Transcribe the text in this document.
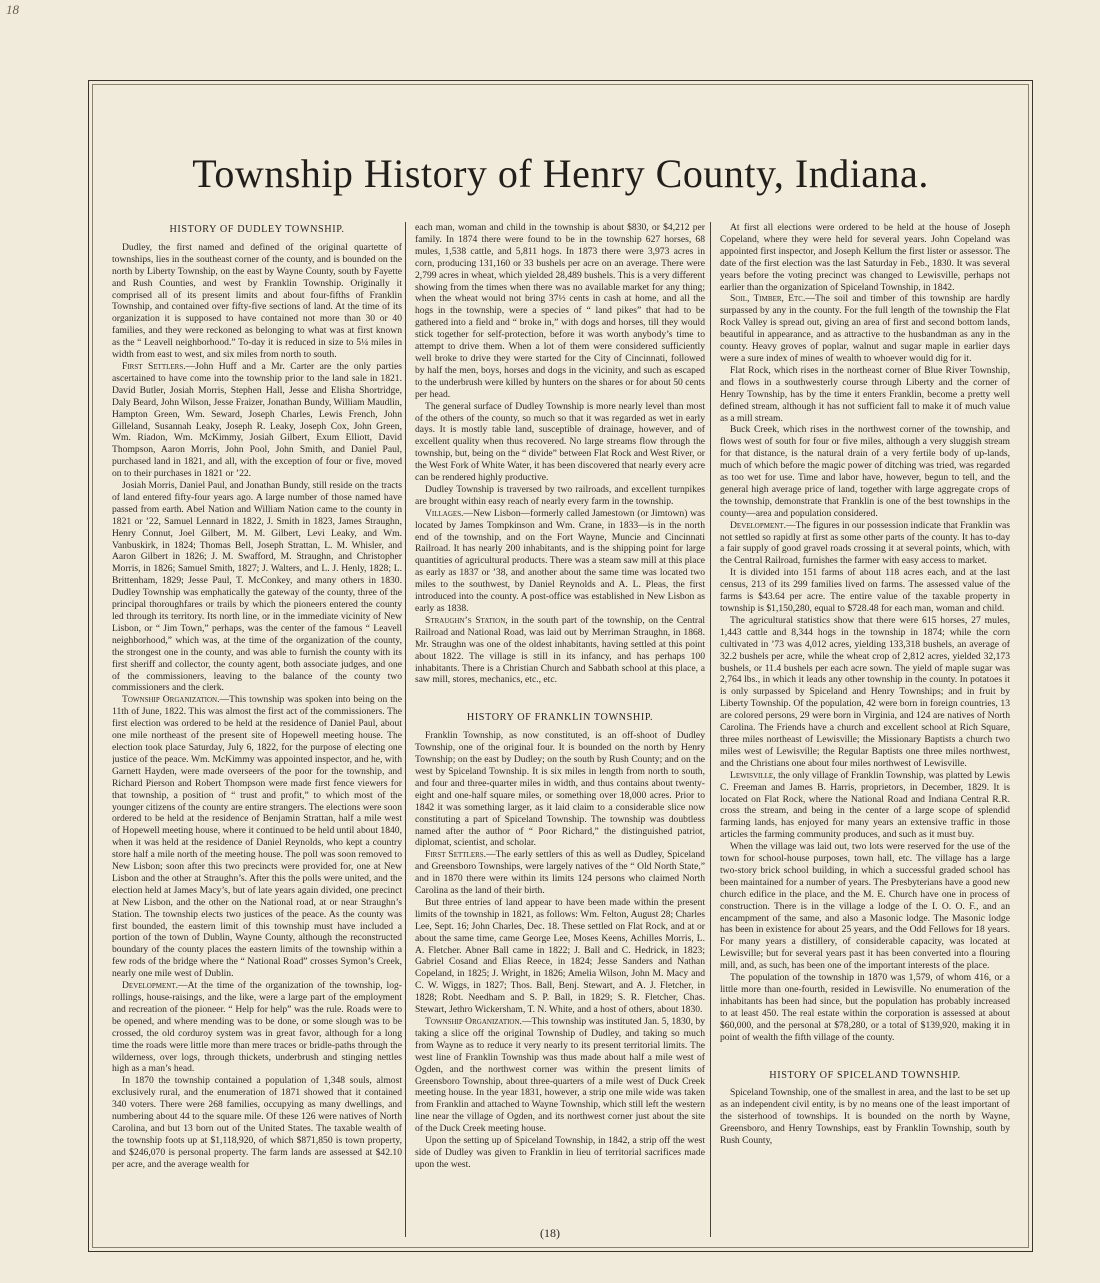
18
Township History of Henry County, Indiana.
HISTORY OF DUDLEY TOWNSHIP.

Dudley, the first named and defined of the original quartette of townships, lies in the southeast corner of the county, and is bounded on the north by Liberty Township, on the east by Wayne County, south by Fayette and Rush Counties, and west by Franklin Township. Originally it comprised all of its present limits and about four-fifths of Franklin Township, and contained over fifty-five sections of land. At the time of its organization it is supposed to have contained not more than 30 or 40 families, and they were reckoned as belonging to what was at first known as the “ Leavell neighborhood.” To-day it is reduced in size to 5¼ miles in width from east to west, and six miles from north to south.

First Settlers.—John Huff and a Mr. Carter are the only parties ascertained to have come into the township prior to the land sale in 1821. David Butler, Josiah Morris, Stephen Hall, Jesse and Elisha Shortridge, Daly Beard, John Wilson, Jesse Fraizer, Jonathan Bundy, William Maudlin, Hampton Green, Wm. Seward, Joseph Charles, Lewis French, John Gilleland, Susannah Leaky, Joseph R. Leaky, Joseph Cox, John Green, Wm. Riadon, Wm. McKimmy, Josiah Gilbert, Exum Elliott, David Thompson, Aaron Morris, John Pool, John Smith, and Daniel Paul, purchased land in 1821, and all, with the exception of four or five, moved on to their purchases in 1821 or ’22.

Josiah Morris, Daniel Paul, and Jonathan Bundy, still reside on the tracts of land entered fifty-four years ago. A large number of those named have passed from earth. Abel Nation and William Nation came to the county in 1821 or ’22, Samuel Lennard in 1822, J. Smith in 1823, James Straughn, Henry Connut, Joel Gilbert, M. M. Gilbert, Levi Leaky, and Wm. Vanbuskirk, in 1824; Thomas Bell, Joseph Strattan, L. M. Whisler, and Aaron Gilbert in 1826; J. M. Swafford, M. Straughn, and Christopher Morris, in 1826; Samuel Smith, 1827; J. Walters, and L. J. Henly, 1828; L. Brittenham, 1829; Jesse Paul, T. McConkey, and many others in 1830. Dudley Township was emphatically the gateway of the county, three of the principal thoroughfares or trails by which the pioneers entered the county led through its territory. Its north line, or in the immediate vicinity of New Lisbon, or “ Jim Town,” perhaps, was the center of the famous “ Leavell neighborhood,” which was, at the time of the organization of the county, the strongest one in the county, and was able to furnish the county with its first sheriff and collector, the county agent, both associate judges, and one of the commissioners, leaving to the balance of the county two commissioners and the clerk.

Township Organization.—This township was spoken into being on the 11th of June, 1822. This was almost the first act of the commissioners. The first election was ordered to be held at the residence of Daniel Paul, about one mile northeast of the present site of Hopewell meeting house. The election took place Saturday, July 6, 1822, for the purpose of electing one justice of the peace. Wm. McKimmy was appointed inspector, and he, with Garnett Hayden, were made overseers of the poor for the township, and Richard Pierson and Robert Thompson were made first fence viewers for that township, a position of “ trust and profit,” to which most of the younger citizens of the county are entire strangers. The elections were soon ordered to be held at the residence of Benjamin Strattan, half a mile west of Hopewell meeting house, where it continued to be held until about 1840, when it was held at the residence of Daniel Reynolds, who kept a country store half a mile north of the meeting house. The poll was soon removed to New Lisbon; soon after this two precincts were provided for, one at New Lisbon and the other at Straughn’s. After this the polls were united, and the election held at James Macy’s, but of late years again divided, one precinct at New Lisbon, and the other on the National road, at or near Straughn’s Station. The township elects two justices of the peace. As the county was first bounded, the eastern limit of this township must have included a portion of the town of Dublin, Wayne County, although the reconstructed boundary of the county places the eastern limits of the township within a few rods of the bridge where the “ National Road” crosses Symon’s Creek, nearly one mile west of Dublin.

Development.—At the time of the organization of the township, log-rollings, house-raisings, and the like, were a large part of the employment and recreation of the pioneer. “ Help for help” was the rule. Roads were to be opened, and where mending was to be done, or some slough was to be crossed, the old corduroy system was in great favor, although for a long time the roads were little more than mere traces or bridle-paths through the wilderness, over logs, through thickets, underbrush and stinging nettles high as a man’s head.

In 1870 the township contained a population of 1,348 souls, almost exclusively rural, and the enumeration of 1871 showed that it contained 340 voters. There were 268 families, occupying as many dwellings, and numbering about 44 to the square mile. Of these 126 were natives of North Carolina, and but 13 born out of the United States. The taxable wealth of the township foots up at $1,118,920, of which $871,850 is town property, and $246,070 is personal property. The farm lands are assessed at $42.10 per acre, and the average wealth for

each man, woman and child in the township is about $830, or $4,212 per family. In 1874 there were found to be in the township 627 horses, 68 mules, 1,538 cattle, and 5,811 hogs. In 1873 there were 3,973 acres in corn, producing 131,160 or 33 bushels per acre on an average. There were 2,799 acres in wheat, which yielded 28,489 bushels. This is a very different showing from the times when there was no available market for any thing; when the wheat would not bring 37½ cents in cash at home, and all the hogs in the township, were a species of “ land pikes” that had to be gathered into a field and “ broke in,” with dogs and horses, till they would stick together for self-protection, before it was worth anybody’s time to attempt to drive them. When a lot of them were considered sufficiently well broke to drive they were started for the City of Cincinnati, followed by half the men, boys, horses and dogs in the vicinity, and such as escaped to the underbrush were killed by hunters on the shares or for about 50 cents per head.

The general surface of Dudley Township is more nearly level than most of the others of the county, so much so that it was regarded as wet in early days. It is mostly table land, susceptible of drainage, however, and of excellent quality when thus recovered. No large streams flow through the township, but, being on the “ divide” between Flat Rock and West River, or the West Fork of White Water, it has been discovered that nearly every acre can be rendered highly productive.

Dudley Township is traversed by two railroads, and excellent turnpikes are brought within easy reach of nearly every farm in the township.

Villages.—New Lisbon—formerly called Jamestown (or Jimtown) was located by James Tompkinson and Wm. Crane, in 1833—is in the north end of the township, and on the Fort Wayne, Muncie and Cincinnati Railroad. It has nearly 200 inhabitants, and is the shipping point for large quantities of agricultural products. There was a steam saw mill at this place as early as 1837 or ’38, and another about the same time was located two miles to the southwest, by Daniel Reynolds and A. L. Pleas, the first introduced into the county. A post-office was established in New Lisbon as early as 1838.

Straughn’s Station, in the south part of the township, on the Central Railroad and National Road, was laid out by Merriman Straughn, in 1868. Mr. Straughn was one of the oldest inhabitants, having settled at this point about 1822. The village is still in its infancy, and has perhaps 100 inhabitants. There is a Christian Church and Sabbath school at this place, a saw mill, stores, mechanics, etc., etc.

HISTORY OF FRANKLIN TOWNSHIP.

Franklin Township, as now constituted, is an off-shoot of Dudley Township, one of the original four. It is bounded on the north by Henry Township; on the east by Dudley; on the south by Rush County; and on the west by Spiceland Township. It is six miles in length from north to south, and four and three-quarter miles in width, and thus contains about twenty-eight and one-half square miles, or something over 18,000 acres. Prior to 1842 it was something larger, as it laid claim to a considerable slice now constituting a part of Spiceland Township. The township was doubtless named after the author of “ Poor Richard,” the distinguished patriot, diplomat, scientist, and scholar.

First Settlers.—The early settlers of this as well as Dudley, Spiceland and Greensboro Townships, were largely natives of the “ Old North State,” and in 1870 there were within its limits 124 persons who claimed North Carolina as the land of their birth.

But three entries of land appear to have been made within the present limits of the township in 1821, as follows: Wm. Felton, August 28; Charles Lee, Sept. 16; John Charles, Dec. 18. These settled on Flat Rock, and at or about the same time, came George Lee, Moses Keens, Achilles Morris, L. A. Fletcher. Abner Ball came in 1822; J. Ball and C. Hedrick, in 1823; Gabriel Cosand and Elias Reece, in 1824; Jesse Sanders and Nathan Copeland, in 1825; J. Wright, in 1826; Amelia Wilson, John M. Macy and C. W. Wiggs, in 1827; Thos. Ball, Benj. Stewart, and A. J. Fletcher, in 1828; Robt. Needham and S. P. Ball, in 1829; S. R. Fletcher, Chas. Stewart, Jethro Wickersham, T. N. White, and a host of others, about 1830.

Township Organization.—This township was instituted Jan. 5, 1830, by taking a slice off the original Township of Dudley, and taking so much from Wayne as to reduce it very nearly to its present territorial limits. The west line of Franklin Township was thus made about half a mile west of Ogden, and the northwest corner was within the present limits of Greensboro Township, about three-quarters of a mile west of Duck Creek meeting house. In the year 1831, however, a strip one mile wide was taken from Franklin and attached to Wayne Township, which still left the western line near the village of Ogden, and its northwest corner just about the site of the Duck Creek meeting house.

Upon the setting up of Spiceland Township, in 1842, a strip off the west side of Dudley was given to Franklin in lieu of territorial sacrifices made upon the west.

At first all elections were ordered to be held at the house of Joseph Copeland, where they were held for several years. John Copeland was appointed first inspector, and Joseph Kellum the first lister or assessor. The date of the first election was the last Saturday in Feb., 1830. It was several years before the voting precinct was changed to Lewisville, perhaps not earlier than the organization of Spiceland Township, in 1842.

Soil, Timber, Etc.—The soil and timber of this township are hardly surpassed by any in the county. For the full length of the township the Flat Rock Valley is spread out, giving an area of first and second bottom lands, beautiful in appearance, and as attractive to the husbandman as any in the county. Heavy groves of poplar, walnut and sugar maple in earlier days were a sure index of mines of wealth to whoever would dig for it.

Flat Rock, which rises in the northeast corner of Blue River Township, and flows in a southwesterly course through Liberty and the corner of Henry Township, has by the time it enters Franklin, become a pretty well defined stream, although it has not sufficient fall to make it of much value as a mill stream.

Buck Creek, which rises in the northwest corner of the township, and flows west of south for four or five miles, although a very sluggish stream for that distance, is the natural drain of a very fertile body of up-lands, much of which before the magic power of ditching was tried, was regarded as too wet for use. Time and labor have, however, begun to tell, and the general high average price of land, together with large aggregate crops of the township, demonstrate that Franklin is one of the best townships in the county—area and population considered.

Development.—The figures in our possession indicate that Franklin was not settled so rapidly at first as some other parts of the county. It has to-day a fair supply of good gravel roads crossing it at several points, which, with the Central Railroad, furnishes the farmer with easy access to market.

It is divided into 151 farms of about 118 acres each, and at the last census, 213 of its 299 families lived on farms. The assessed value of the farms is $43.64 per acre. The entire value of the taxable property in township is $1,150,280, equal to $728.48 for each man, woman and child.

The agricultural statistics show that there were 615 horses, 27 mules, 1,443 cattle and 8,344 hogs in the township in 1874; while the corn cultivated in ’73 was 4,012 acres, yielding 133,318 bushels, an average of 32.2 bushels per acre, while the wheat crop of 2,812 acres, yielded 32,173 bushels, or 11.4 bushels per each acre sown. The yield of maple sugar was 2,764 lbs., in which it leads any other township in the county. In potatoes it is only surpassed by Spiceland and Henry Townships; and in fruit by Liberty Township. Of the population, 42 were born in foreign countries, 13 are colored persons, 29 were born in Virginia, and 124 are natives of North Carolina. The Friends have a church and excellent school at Rich Square, three miles northeast of Lewisville; the Missionary Baptists a church two miles west of Lewisville; the Regular Baptists one three miles northwest, and the Christians one about four miles northwest of Lewisville.

Lewisville, the only village of Franklin Township, was platted by Lewis C. Freeman and James B. Harris, proprietors, in December, 1829. It is located on Flat Rock, where the National Road and Indiana Central R.R. cross the stream, and being in the center of a large scope of splendid farming lands, has enjoyed for many years an extensive traffic in those articles the farming community produces, and such as it must buy.

When the village was laid out, two lots were reserved for the use of the town for school-house purposes, town hall, etc. The village has a large two-story brick school building, in which a successful graded school has been maintained for a number of years. The Presbyterians have a good new church edifice in the place, and the M. E. Church have one in process of construction. There is in the village a lodge of the I. O. O. F., and an encampment of the same, and also a Masonic lodge. The Masonic lodge has been in existence for about 25 years, and the Odd Fellows for 18 years. For many years a distillery, of considerable capacity, was located at Lewisville; but for several years past it has been converted into a flouring mill, and, as such, has been one of the important interests of the place.

The population of the township in 1870 was 1,579, of whom 416, or a little more than one-fourth, resided in Lewisville. No enumeration of the inhabitants has been had since, but the population has probably increased to at least 450. The real estate within the corporation is assessed at about $60,000, and the personal at $78,280, or a total of $139,920, making it in point of wealth the fifth village of the county.

HISTORY OF SPICELAND TOWNSHIP.

Spiceland Township, one of the smallest in area, and the last to be set up as an independent civil entity, is by no means one of the least important of the sisterhood of townships. It is bounded on the north by Wayne, Greensboro, and Henry Townships, east by Franklin Township, south by Rush County,

(18)
